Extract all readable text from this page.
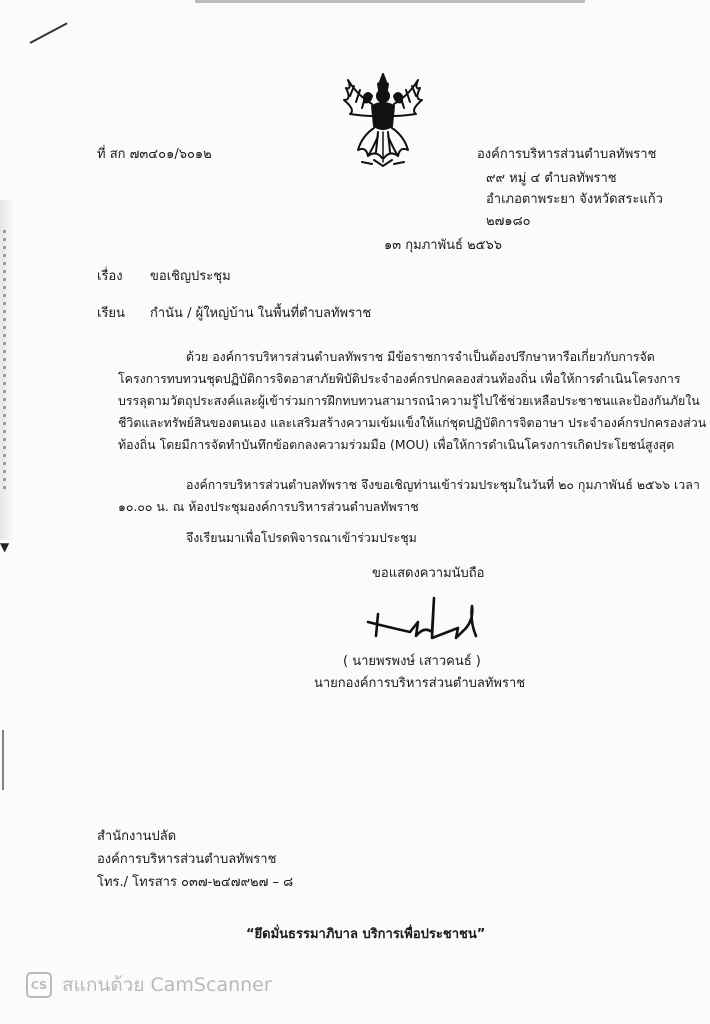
▼
ที่ สก ๗๓๔๐๑/๖๐๑๒	องค์การบริหารส่วนตำบลทัพราช
๙๙ หมู่ ๔ ตำบลทัพราช
อำเภอตาพระยา จังหวัดสระแก้ว
๒๗๑๘๐
๑๓ กุมภาพันธ์ ๒๕๖๖
เรื่อง ขอเชิญประชุม
เรียน กำนัน / ผู้ใหญ่บ้าน ในพื้นที่ตำบลทัพราช
ด้วย องค์การบริหารส่วนตำบลทัพราช มีข้อราชการจำเป็นต้องปรึกษาหารือเกี่ยวกับการจัด
โครงการทบทวนชุดปฏิบัติการจิตอาสาภัยพิบัติประจำองค์กรปกคลองส่วนท้องถิ่น เพื่อให้การดำเนินโครงการ
บรรลุตามวัตถุประสงค์และผู้เข้าร่วมการฝึกทบทวนสามารถนำความรู้ไปใช้ช่วยเหลือประชาชนและป้องกันภัยใน
ชีวิตและทรัพย์สินของตนเอง และเสริมสร้างความเข้มแข็งให้แก่ชุดปฏิบัติการจิตอาษา ประจำองค์กรปกครองส่วน
ท้องถิ่น โดยมีการจัดทำบันทึกข้อตกลงความร่วมมือ (MOU) เพื่อให้การดำเนินโครงการเกิดประโยชน์สูงสุด
องค์การบริหารส่วนตำบลทัพราช จึงขอเชิญท่านเข้าร่วมประชุมในวันที่ ๒๐ กุมภาพันธ์ ๒๕๖๖ เวลา
๑๐.๐๐ น. ณ ห้องประชุมองค์การบริหารส่วนตำบลทัพราช
จึงเรียนมาเพื่อโปรดพิจารณาเข้าร่วมประชุม
ขอแสดงความนับถือ
( นายพรพงษ์ เสาวคนธ์ )
นายกองค์การบริหารส่วนตำบลทัพราช
สำนักงานปลัด
องค์การบริหารส่วนตำบลทัพราช
โทร./ โทรสาร ๐๓๗-๒๔๗๙๒๗ – ๘
“ยึดมั่นธรรมาภิบาล บริการเพื่อประชาชน”
CS สแกนด้วย CamScanner
